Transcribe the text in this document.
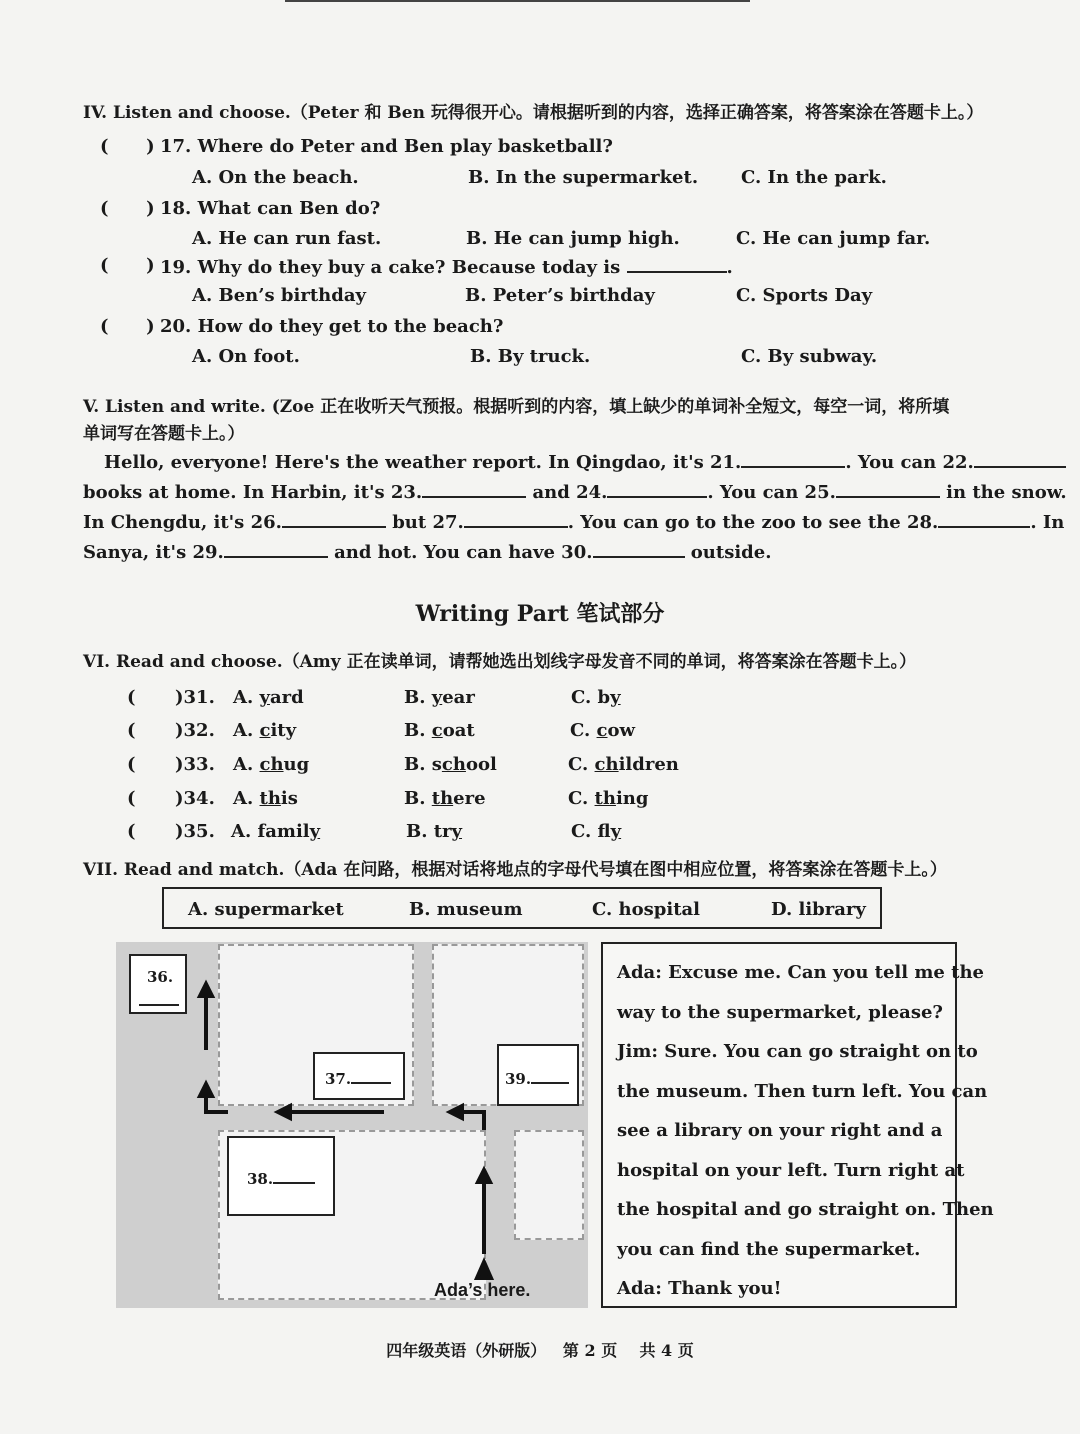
IV. Listen and choose.（Peter 和 Ben 玩得很开心。请根据听到的内容，选择正确答案，将答案涂在答题卡上。）
(      ) 17. Where do Peter and Ben play basketball?
A. On the beach.	B. In the supermarket. C. In the park.
(      ) 18. What can Ben do?
A. He can run fast.	B. He can jump high.	C. He can jump far.
(      ) 19. Why do they buy a cake? Because today is	.
A. Ben’s birthday	B. Peter’s birthday	C. Sports Day
(      ) 20. How do they get to the beach?
A. On foot.	B. By truck.	C. By subway.
V. Listen and write. (Zoe 正在收听天气预报。根据听到的内容，填上缺少的单词补全短文，每空一词，将所填
单词写在答题卡上。）
Hello, everyone! Here's the weather report. In Qingdao, it's 21.	. You can 22.
books at home. In Harbin, it's 23.	and 24.	. You can 25.	in the snow.
In Chengdu, it's 26.	but 27.	. You can go to the zoo to see the 28.	. In
Sanya, it's 29.	and hot. You can have 30.	outside.
Writing Part 笔试部分
VI. Read and choose.（Amy 正在读单词，请帮她选出划线字母发音不同的单词，将答案涂在答题卡上。）
( )31. A. yard	B. year	C. by
( )32. A. city	B. coat	C. cow
( )33. A. chug	B. school	C. children
( )34. A. this	B. there	C. thing
( )35. A. family	B. try	C. fly
VII. Read and match.（Ada 在问路，根据对话将地点的字母代号填在图中相应位置，将答案涂在答题卡上。）
A. supermarket	B. museum	C. hospital	D. library
36.
37.
38.
39.
Ada’s here.
Ada: Excuse me. Can you tell me the
way to the supermarket, please?
Jim: Sure. You can go straight on to
the museum. Then turn left. You can
see a library on your right and a
hospital on your left. Turn right at
the hospital and go straight on. Then
you can find the supermarket.
Ada: Thank you!
四年级英语（外研版）   第 2 页    共 4 页
